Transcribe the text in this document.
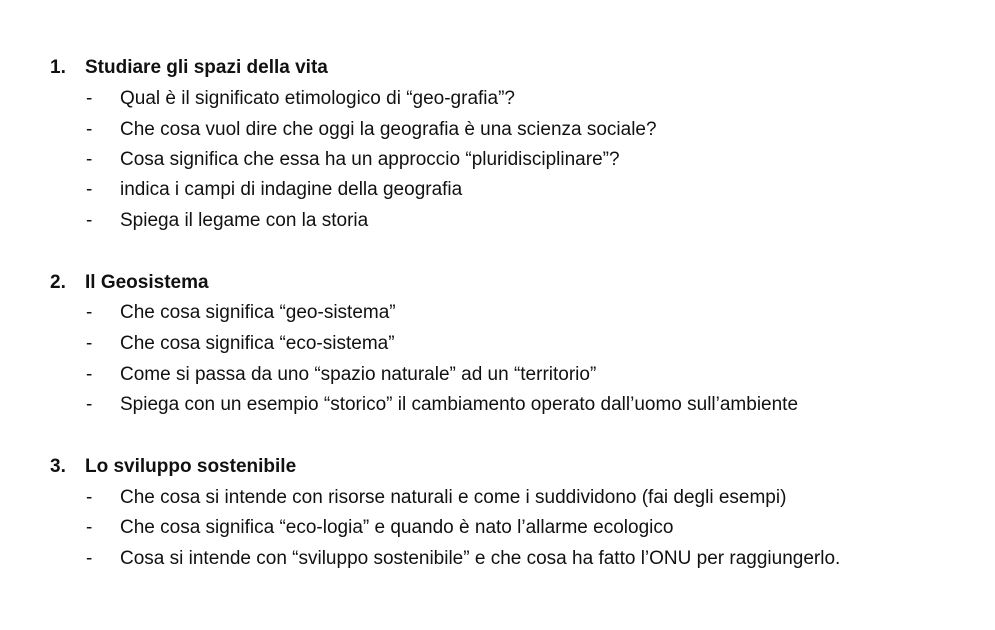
1. Studiare gli spazi della vita
- Qual è il significato etimologico di “geo-grafia”?
- Che cosa vuol dire che oggi la geografia è una scienza sociale?
- Cosa significa che essa ha un approccio “pluridisciplinare”?
- indica i campi di indagine della geografia
- Spiega il legame con la storia
2. Il Geosistema
- Che cosa significa “geo-sistema”
- Che cosa significa “eco-sistema”
- Come si passa da uno “spazio naturale” ad un “territorio”
- Spiega con un esempio “storico” il cambiamento operato dall’uomo sull’ambiente
3. Lo sviluppo sostenibile
- Che cosa si intende con risorse naturali e come i suddividono (fai degli esempi)
- Che cosa significa “eco-logia” e quando è nato l’allarme ecologico
- Cosa si intende con “sviluppo sostenibile” e che cosa ha fatto l’ONU per raggiungerlo.
